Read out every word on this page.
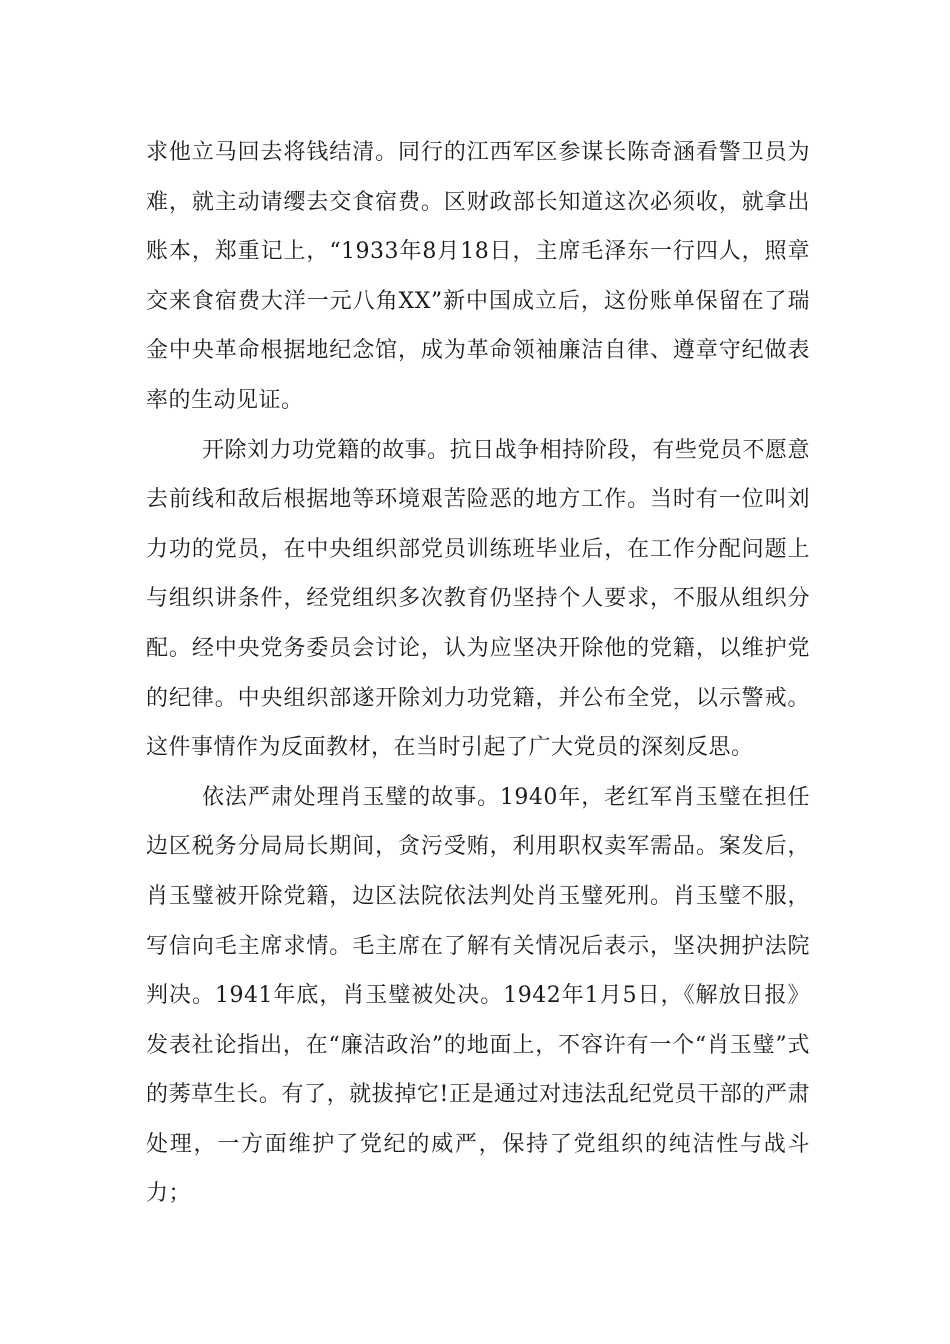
求他立马回去将钱结清。同行的江西军区参谋长陈奇涵看警卫员为难，就主动请缨去交食宿费。区财政部长知道这次必须收，就拿出账本，郑重记上，“1933年8月18日，主席毛泽东一行四人，照章交来食宿费大洋一元八角XX”新中国成立后，这份账单保留在了瑞金中央革命根据地纪念馆，成为革命领袖廉洁自律、遵章守纪做表率的生动见证。

开除刘力功党籍的故事。抗日战争相持阶段，有些党员不愿意去前线和敌后根据地等环境艰苦险恶的地方工作。当时有一位叫刘力功的党员，在中央组织部党员训练班毕业后，在工作分配问题上与组织讲条件，经党组织多次教育仍坚持个人要求，不服从组织分配。经中央党务委员会讨论，认为应坚决开除他的党籍，以维护党的纪律。中央组织部遂开除刘力功党籍，并公布全党，以示警戒。这件事情作为反面教材，在当时引起了广大党员的深刻反思。

依法严肃处理肖玉璧的故事。1940年，老红军肖玉璧在担任边区税务分局局长期间，贪污受贿，利用职权卖军需品。案发后，肖玉璧被开除党籍，边区法院依法判处肖玉璧死刑。肖玉璧不服，写信向毛主席求情。毛主席在了解有关情况后表示，坚决拥护法院判决。1941年底，肖玉璧被处决。1942年1月5日，《解放日报》发表社论指出，在“廉洁政治”的地面上，不容许有一个“肖玉璧”式的莠草生长。有了，就拔掉它!正是通过对违法乱纪党员干部的严肃处理，一方面维护了党纪的威严，保持了党组织的纯洁性与战斗力；
